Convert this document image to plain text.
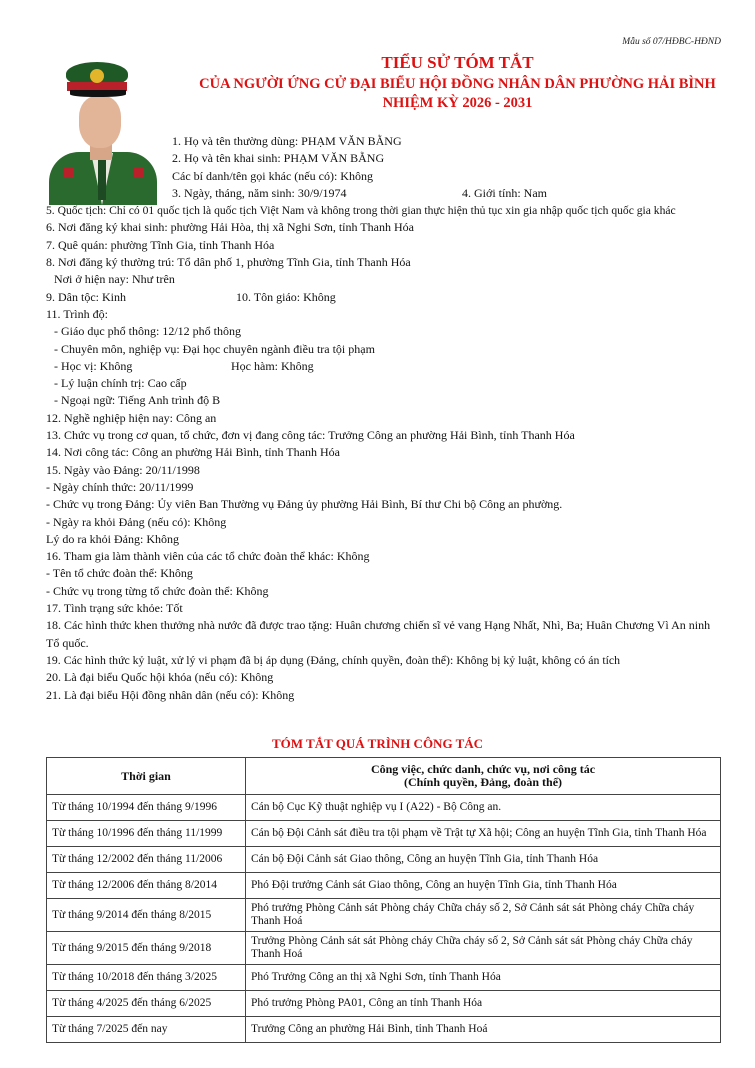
Mẫu số 07/HĐBC-HĐND
TIỂU SỬ TÓM TẮT
CỦA NGƯỜI ỨNG CỬ ĐẠI BIỂU HỘI ĐỒNG NHÂN DÂN PHƯỜNG HẢI BÌNH
NHIỆM KỲ 2026 - 2031
1. Họ và tên thường dùng: PHẠM VĂN BẰNG
2. Họ và tên khai sinh: PHẠM VĂN BẰNG
Các bí danh/tên gọi khác (nếu có): Không
3. Ngày, tháng, năm sinh: 30/9/1974	4. Giới tính: Nam
5. Quốc tịch: Chỉ có 01 quốc tịch là quốc tịch Việt Nam và không trong thời gian thực hiện thủ tục xin gia nhập quốc tịch quốc gia khác
6. Nơi đăng ký khai sinh: phường Hải Hòa, thị xã Nghi Sơn, tỉnh Thanh Hóa
7. Quê quán: phường Tĩnh Gia, tỉnh Thanh Hóa
8. Nơi đăng ký thường trú: Tổ dân phố 1, phường Tĩnh Gia, tỉnh Thanh Hóa
Nơi ở hiện nay: Như trên
9. Dân tộc: Kinh	10. Tôn giáo: Không
11. Trình độ:
- Giáo dục phổ thông: 12/12 phổ thông
- Chuyên môn, nghiệp vụ: Đại học chuyên ngành điều tra tội phạm
- Học vị: Không	Học hàm: Không
- Lý luận chính trị: Cao cấp
- Ngoại ngữ: Tiếng Anh trình độ B
12. Nghề nghiệp hiện nay: Công an
13. Chức vụ trong cơ quan, tổ chức, đơn vị đang công tác: Trưởng Công an phường Hải Bình, tỉnh Thanh Hóa
14. Nơi công tác: Công an phường Hải Bình, tỉnh Thanh Hóa
15. Ngày vào Đảng: 20/11/1998
- Ngày chính thức: 20/11/1999
- Chức vụ trong Đảng: Ủy viên Ban Thường vụ Đảng ủy phường Hải Bình, Bí thư Chi bộ Công an phường.
- Ngày ra khỏi Đảng (nếu có): Không
Lý do ra khỏi Đảng: Không
16. Tham gia làm thành viên của các tổ chức đoàn thể khác: Không
- Tên tổ chức đoàn thể: Không
- Chức vụ trong từng tổ chức đoàn thể: Không
17. Tình trạng sức khỏe: Tốt
18. Các hình thức khen thưởng nhà nước đã được trao tặng: Huân chương chiến sĩ vẻ vang Hạng Nhất, Nhì, Ba; Huân Chương Vì An ninh Tổ quốc.
19. Các hình thức kỷ luật, xử lý vi phạm đã bị áp dụng (Đảng, chính quyền, đoàn thể): Không bị kỷ luật, không có án tích
20. Là đại biểu Quốc hội khóa (nếu có): Không
21. Là đại biểu Hội đồng nhân dân (nếu có): Không
TÓM TẮT QUÁ TRÌNH CÔNG TÁC
Thời gian	Công việc, chức danh, chức vụ, nơi công tác
(Chính quyền, Đảng, đoàn thể)

Từ tháng 10/1994 đến tháng 9/1996	Cán bộ Cục Kỹ thuật nghiệp vụ I (A22) - Bộ Công an.
Từ tháng 10/1996 đến tháng 11/1999	Cán bộ Đội Cảnh sát điều tra tội phạm về Trật tự Xã hội; Công an huyện Tĩnh Gia, tỉnh Thanh Hóa
Từ tháng 12/2002 đến tháng 11/2006	Cán bộ Đội Cảnh sát Giao thông, Công an huyện Tĩnh Gia, tỉnh Thanh Hóa
Từ tháng 12/2006 đến tháng 8/2014	Phó Đội trưởng Cảnh sát Giao thông, Công an huyện Tĩnh Gia, tỉnh Thanh Hóa
Từ tháng 9/2014 đến tháng 8/2015	Phó trưởng Phòng Cảnh sát Phòng cháy Chữa cháy số 2, Sở Cảnh sát sát Phòng cháy Chữa cháy Thanh Hoá
Từ tháng 9/2015 đến tháng 9/2018	Trưởng Phòng Cảnh sát sát Phòng cháy Chữa cháy số 2, Sở Cảnh sát sát Phòng cháy Chữa cháy Thanh Hoá
Từ tháng 10/2018 đến tháng 3/2025	Phó Trưởng Công an thị xã Nghi Sơn, tỉnh Thanh Hóa
Từ tháng 4/2025 đến tháng 6/2025	Phó trưởng Phòng PA01, Công an tỉnh Thanh Hóa
Từ tháng 7/2025 đến nay	Trưởng Công an phường Hải Bình, tỉnh Thanh Hoá
